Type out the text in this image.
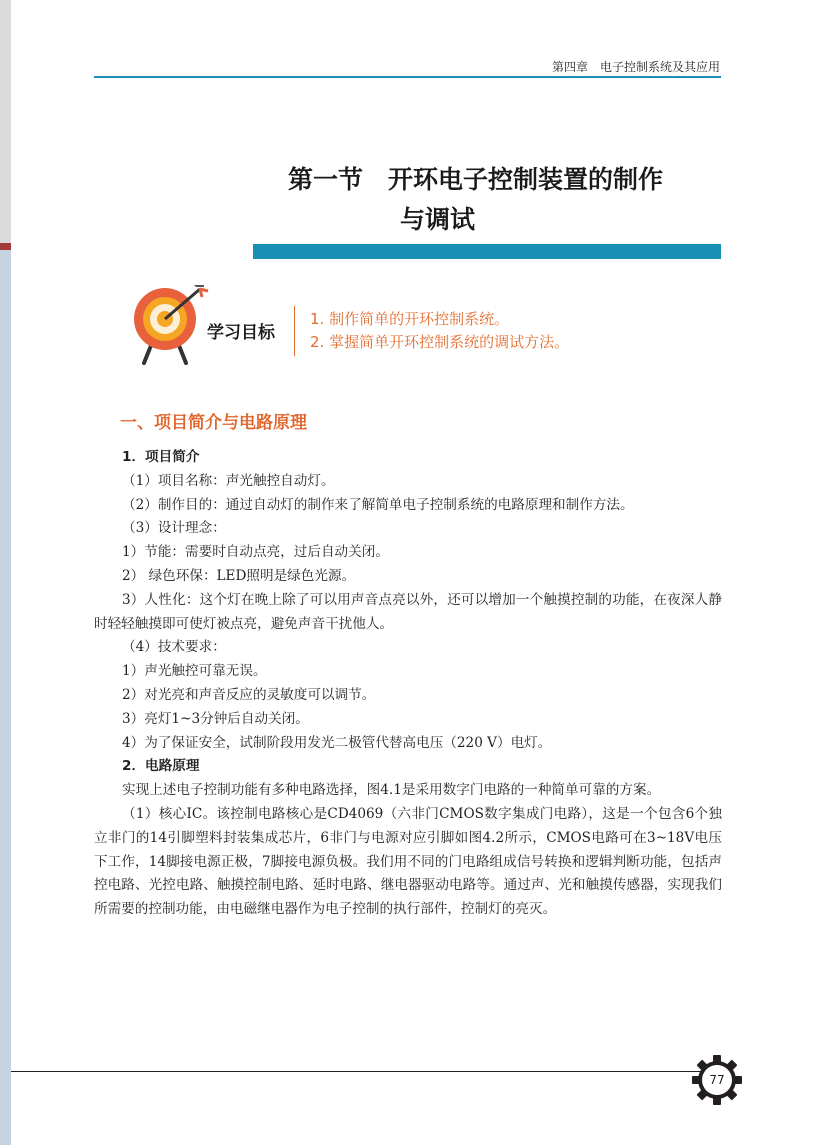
第四章　电子控制系统及其应用
第一节　开环电子控制装置的制作
与调试
学习目标
1. 制作简单的开环控制系统。
2. 掌握简单开环控制系统的调试方法。
一、项目简介与电路原理

1．项目简介

（1）项目名称：声光触控自动灯。

（2）制作目的：通过自动灯的制作来了解简单电子控制系统的电路原理和制作方法。

（3）设计理念：

1）节能：需要时自动点亮，过后自动关闭。

2） 绿色环保：LED照明是绿色光源。

3）人性化：这个灯在晚上除了可以用声音点亮以外，还可以增加一个触摸控制的功能，在夜深人静时轻轻触摸即可使灯被点亮，避免声音干扰他人。

（4）技术要求：

1）声光触控可靠无误。

2）对光亮和声音反应的灵敏度可以调节。

3）亮灯1~3分钟后自动关闭。

4）为了保证安全，试制阶段用发光二极管代替高电压（220 V）电灯。

2．电路原理

实现上述电子控制功能有多种电路选择，图4.1是采用数字门电路的一种简单可靠的方案。

（1）核心IC。该控制电路核心是CD4069（六非门CMOS数字集成门电路），这是一个包含6个独立非门的14引脚塑料封装集成芯片，6非门与电源对应引脚如图4.2所示，CMOS电路可在3~18V电压下工作，14脚接电源正极，7脚接电源负极。我们用不同的门电路组成信号转换和逻辑判断功能，包括声控电路、光控电路、触摸控制电路、延时电路、继电器驱动电路等。通过声、光和触摸传感器，实现我们所需要的控制功能，由电磁继电器作为电子控制的执行部件，控制灯的亮灭。

77
